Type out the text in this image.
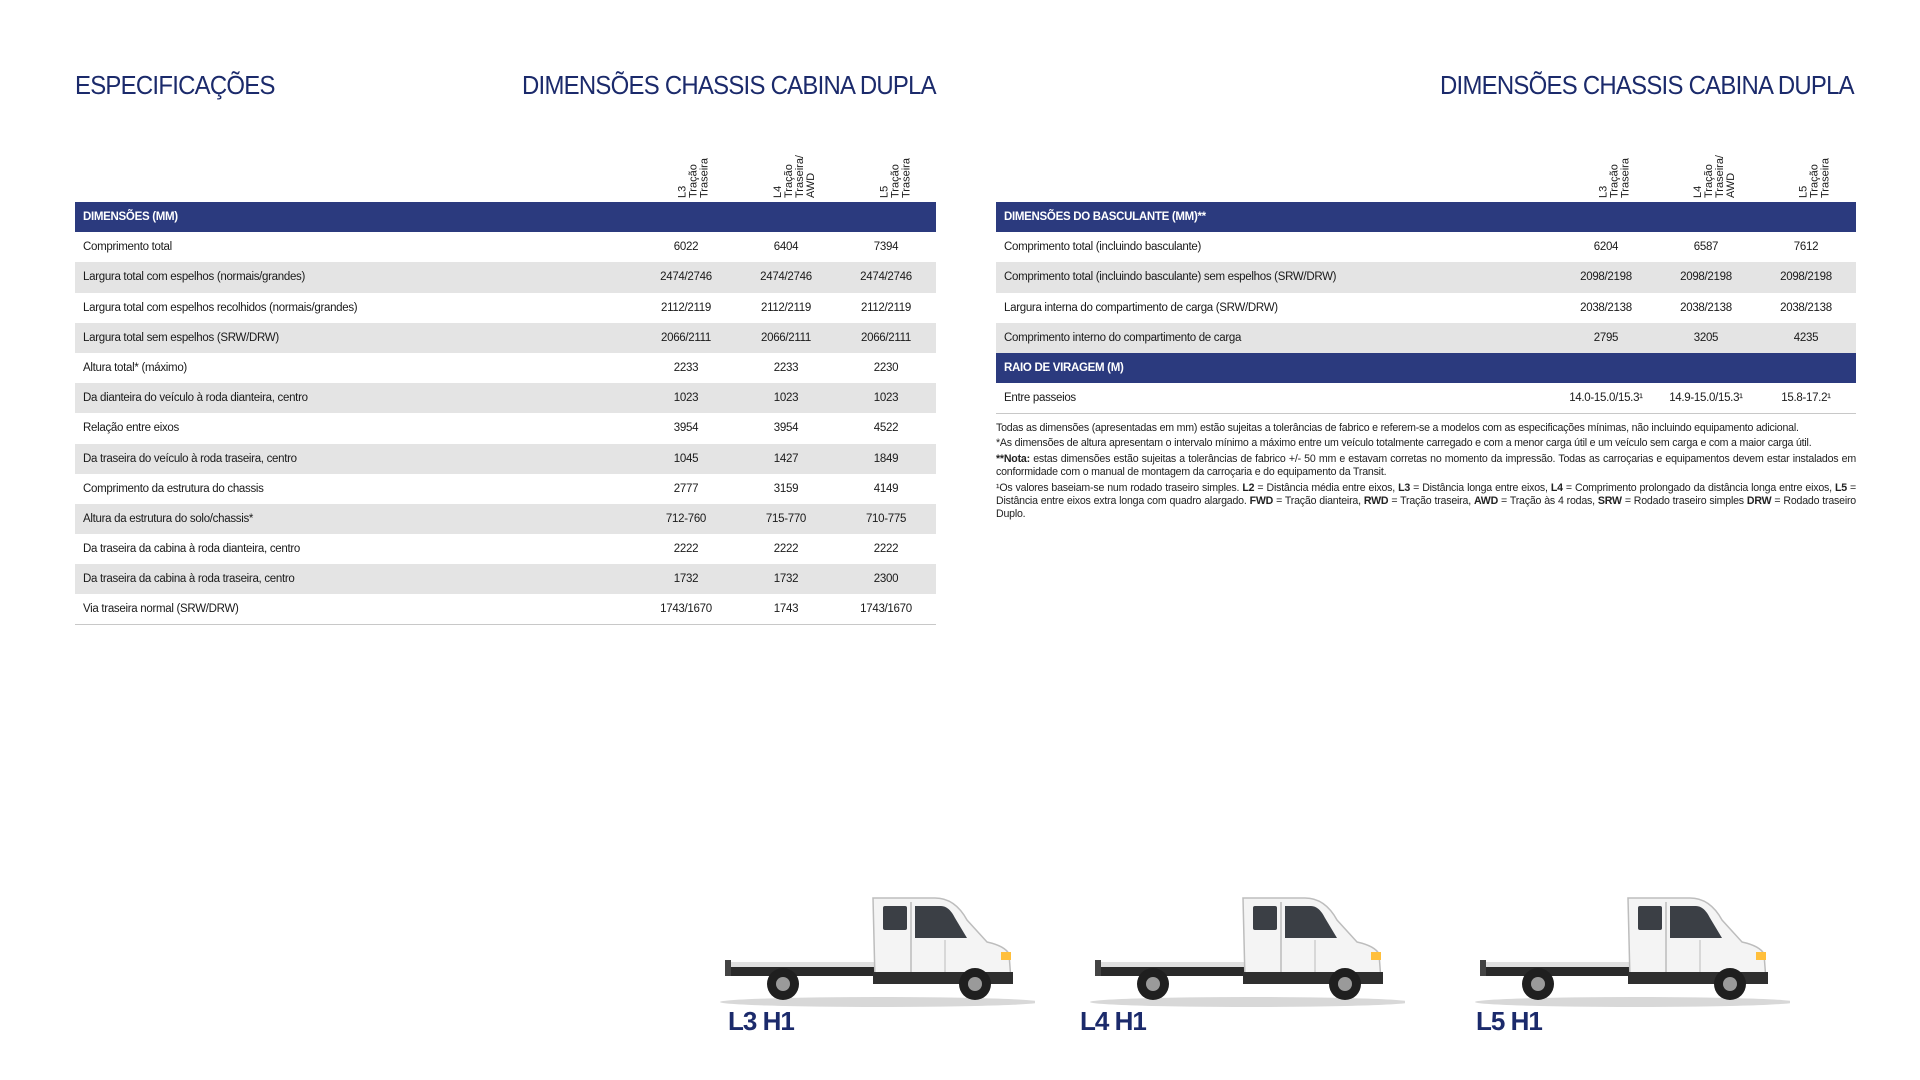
ESPECIFICAÇÕES	DIMENSÕES CHASSIS CABINA DUPLA	DIMENSÕES CHASSIS CABINA DUPLA
L3 Tração Traseira	L4 Tração Traseira/ AWD	L5 Tração Traseira
DIMENSÕES (MM)			
Comprimento total	6022	6404	7394
Largura total com espelhos (normais/grandes)	2474/2746	2474/2746	2474/2746
Largura total com espelhos recolhidos (normais/grandes)	2112/2119	2112/2119	2112/2119
Largura total sem espelhos (SRW/DRW)	2066/2111	2066/2111	2066/2111
Altura total* (máximo)	2233	2233	2230
Da dianteira do veículo à roda dianteira, centro	1023	1023	1023
Relação entre eixos	3954	3954	4522
Da traseira do veículo à roda traseira, centro	1045	1427	1849
Comprimento da estrutura do chassis	2777	3159	4149
Altura da estrutura do solo/chassis*	712-760	715-770	710-775
Da traseira da cabina à roda dianteira, centro	2222	2222	2222
Da traseira da cabina à roda traseira, centro	1732	1732	2300
Via traseira normal (SRW/DRW)	1743/1670	1743	1743/1670
L3 Tração Traseira	L4 Tração Traseira/ AWD	L5 Tração Traseira
DIMENSÕES DO BASCULANTE (MM)**			
Comprimento total (incluindo basculante)	6204	6587	7612
Comprimento total (incluindo basculante) sem espelhos (SRW/DRW)	2098/2198	2098/2198	2098/2198
Largura interna do compartimento de carga (SRW/DRW)	2038/2138	2038/2138	2038/2138
Comprimento interno do compartimento de carga	2795	3205	4235
RAIO DE VIRAGEM (M)			
Entre passeios	14.0-15.0/15.3¹	14.9-15.0/15.3¹	15.8-17.2¹

Todas as dimensões (apresentadas em mm) estão sujeitas a tolerâncias de fabrico e referem-se a modelos com as especificações mínimas, não incluindo equipamento adicional.

*As dimensões de altura apresentam o intervalo mínimo a máximo entre um veículo totalmente carregado e com a menor carga útil e um veículo sem carga e com a maior carga útil.

**Nota: estas dimensões estão sujeitas a tolerâncias de fabrico +/- 50 mm e estavam corretas no momento da impressão. Todas as carroçarias e equipamentos devem estar instalados em conformidade com o manual de montagem da carroçaria e do equipamento da Transit.

¹Os valores baseiam-se num rodado traseiro simples. L2 = Distância média entre eixos, L3 = Distância longa entre eixos, L4 = Comprimento prolongado da distância longa entre eixos, L5 = Distância entre eixos extra longa com quadro alargado. FWD = Tração dianteira, RWD = Tração traseira, AWD = Tração às 4 rodas, SRW = Rodado traseiro simples DRW = Rodado traseiro Duplo.

L3 H1	L4 H1	L5 H1
